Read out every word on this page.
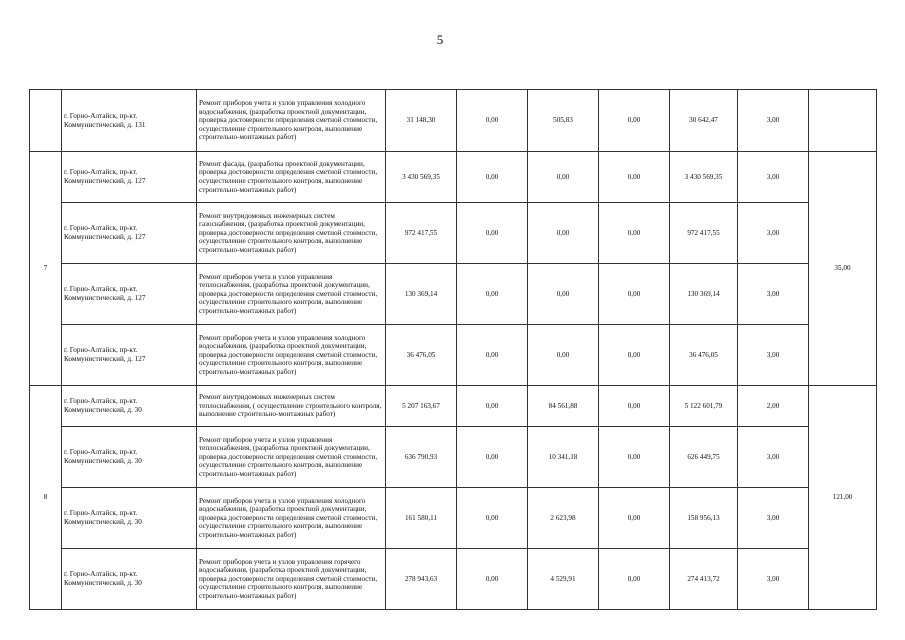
5
	г. Горно-Алтайск, пр-кт. Коммунистический, д. 131	Ремонт приборов учета и узлов управления холодного водоснабжения, (разработка проектной документации, проверка достоверности определения сметной стоимости, осуществление строительного контроля, выполнение строительно-монтажных работ)	31 148,30	0,00	505,83	0,00	30 642,47	3,00	
7	г. Горно-Алтайск, пр-кт. Коммунистический, д. 127	Ремонт фасада, (разработка проектной документации, проверка достоверности определения сметной стоимости, осуществление строительного контроля, выполнение строительно-монтажных работ)	3 430 569,35	0,00	0,00	0,00	3 430 569,35	3,00	35,00
	г. Горно-Алтайск, пр-кт. Коммунистический, д. 127	Ремонт внутридомовых инженерных систем газоснабжения, (разработка проектной документации, проверка достоверности определения сметной стоимости, осуществление строительного контроля, выполнение строительно-монтажных работ)	972 417,55	0,00	0,00	0,00	972 417,55	3,00	
	г. Горно-Алтайск, пр-кт. Коммунистический, д. 127	Ремонт приборов учета и узлов управления теплоснабжения, (разработка проектной документации, проверка достоверности определения сметной стоимости, осуществление строительного контроля, выполнение строительно-монтажных работ)	130 369,14	0,00	0,00	0,00	130 369,14	3,00	
	г. Горно-Алтайск, пр-кт. Коммунистический, д. 127	Ремонт приборов учета и узлов управления холодного водоснабжения, (разработка проектной документации, проверка достоверности определения сметной стоимости, осуществление строительного контроля, выполнение строительно-монтажных работ)	36 476,05	0,00	0,00	0,00	36 476,05	3,00	
8	г. Горно-Алтайск, пр-кт. Коммунистический, д. 30	Ремонт внутридомовых инженерных систем теплоснабжения, ( осуществление строительного контроля, выполнение строительно-монтажных работ)	5 207 163,67	0,00	84 561,88	0,00	5 122 601,79	2,00	121,00
	г. Горно-Алтайск, пр-кт. Коммунистический, д. 30	Ремонт приборов учета и узлов управления теплоснабжения, (разработка проектной документации, проверка достоверности определения сметной стоимости, осуществление строительного контроля, выполнение строительно-монтажных работ)	636 790,93	0,00	10 341,18	0,00	626 449,75	3,00	
	г. Горно-Алтайск, пр-кт. Коммунистический, д. 30	Ремонт приборов учета и узлов управления холодного водоснабжения, (разработка проектной документации, проверка достоверности определения сметной стоимости, осуществление строительного контроля, выполнение строительно-монтажных работ)	161 580,11	0,00	2 623,98	0,00	158 956,13	3,00	
	г. Горно-Алтайск, пр-кт. Коммунистический, д. 30	Ремонт приборов учета и узлов управления горячего водоснабжения, (разработка проектной документации, проверка достоверности определения сметной стоимости, осуществление строительного контроля, выполнение строительно-монтажных работ)	278 943,63	0,00	4 529,91	0,00	274 413,72	3,00	
